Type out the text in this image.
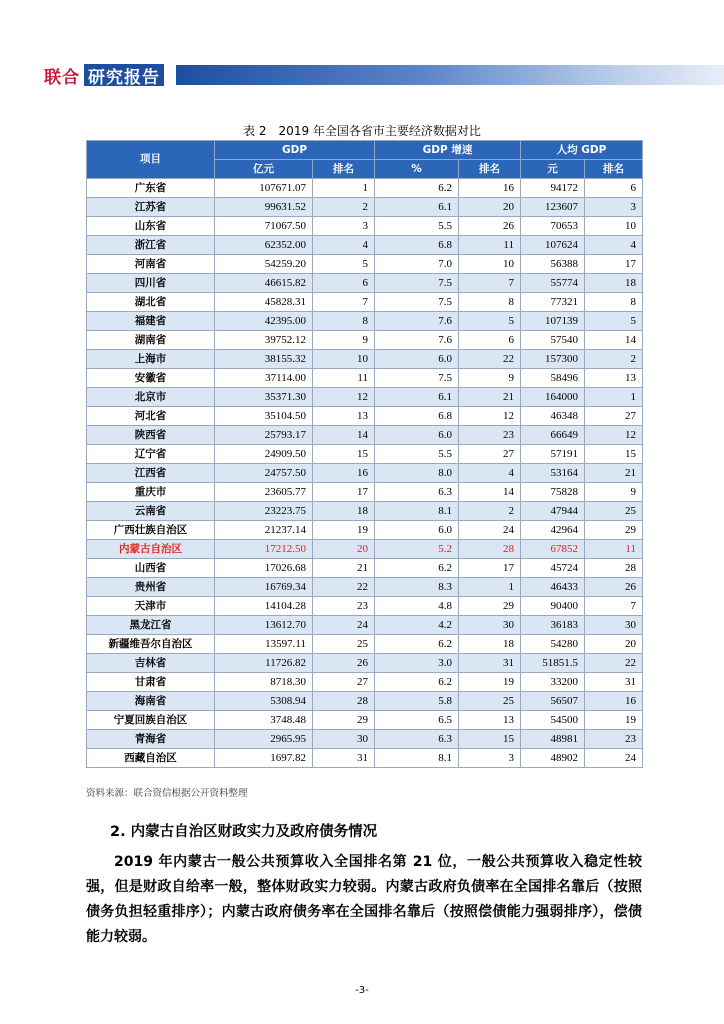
联合 研究报告
表 2　2019 年全国各省市主要经济数据对比
项目	GDP		GDP 增速		人均 GDP	
	亿元	排名	%	排名	元	排名
广东省	107671.07	1	6.2	16	94172	6
江苏省	99631.52	2	6.1	20	123607	3
山东省	71067.50	3	5.5	26	70653	10
浙江省	62352.00	4	6.8	11	107624	4
河南省	54259.20	5	7.0	10	56388	17
四川省	46615.82	6	7.5	7	55774	18
湖北省	45828.31	7	7.5	8	77321	8
福建省	42395.00	8	7.6	5	107139	5
湖南省	39752.12	9	7.6	6	57540	14
上海市	38155.32	10	6.0	22	157300	2
安徽省	37114.00	11	7.5	9	58496	13
北京市	35371.30	12	6.1	21	164000	1
河北省	35104.50	13	6.8	12	46348	27
陕西省	25793.17	14	6.0	23	66649	12
辽宁省	24909.50	15	5.5	27	57191	15
江西省	24757.50	16	8.0	4	53164	21
重庆市	23605.77	17	6.3	14	75828	9
云南省	23223.75	18	8.1	2	47944	25
广西壮族自治区	21237.14	19	6.0	24	42964	29
内蒙古自治区	17212.50	20	5.2	28	67852	11
山西省	17026.68	21	6.2	17	45724	28
贵州省	16769.34	22	8.3	1	46433	26
天津市	14104.28	23	4.8	29	90400	7
黑龙江省	13612.70	24	4.2	30	36183	30
新疆维吾尔自治区	13597.11	25	6.2	18	54280	20
吉林省	11726.82	26	3.0	31	51851.5	22
甘肃省	8718.30	27	6.2	19	33200	31
海南省	5308.94	28	5.8	25	56507	16
宁夏回族自治区	3748.48	29	6.5	13	54500	19
青海省	2965.95	30	6.3	15	48981	23
西藏自治区	1697.82	31	8.1	3	48902	24
资料来源：联合资信根据公开资料整理
2. 内蒙古自治区财政实力及政府债务情况
2019 年内蒙古一般公共预算收入全国排名第 21 位，一般公共预算收入稳定性较强，但是财政自给率一般，整体财政实力较弱。内蒙古政府负债率在全国排名靠后（按照债务负担轻重排序）；内蒙古政府债务率在全国排名靠后（按照偿债能力强弱排序），偿债能力较弱。
-3-
